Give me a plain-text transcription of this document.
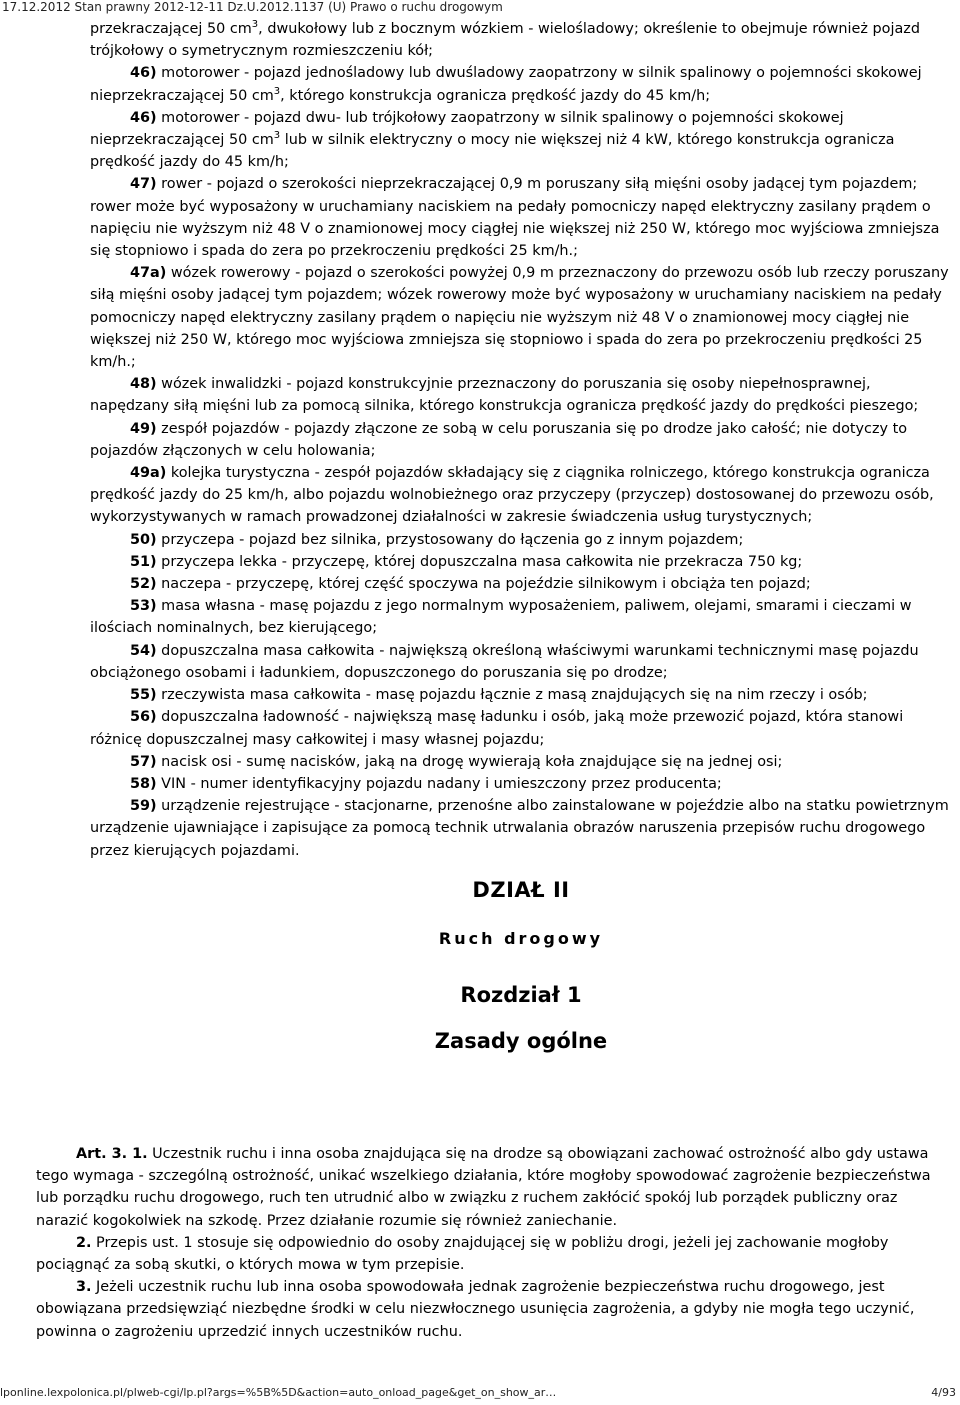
17.12.2012 Stan prawny 2012-12-11 Dz.U.2012.1137 (U) Prawo o ruchu drogowym

przekraczającej 50 $cm^3$, dwukołowy lub z bocznym wózkiem - wielośladowy; określenie to obejmuje również pojazd trójkołowy o symetrycznym rozmieszczeniu kół;

46) motorower - pojazd jednośladowy lub dwuśladowy zaopatrzony w silnik spalinowy o pojemności skokowej nieprzekraczającej 50 $cm^3$, którego konstrukcja ogranicza prędkość jazdy do 45 km/h;

46) motorower - pojazd dwu- lub trójkołowy zaopatrzony w silnik spalinowy o pojemności skokowej nieprzekraczającej 50 $cm^3$ lub w silnik elektryczny o mocy nie większej niż 4 kW, którego konstrukcja ogranicza prędkość jazdy do 45 km/h;

47) rower - pojazd o szerokości nieprzekraczającej 0,9 m poruszany siłą mięśni osoby jadącej tym pojazdem; rower może być wyposażony w uruchamiany naciskiem na pedały pomocniczy napęd elektryczny zasilany prądem o napięciu nie wyższym niż 48 V o znamionowej mocy ciągłej nie większej niż 250 W, którego moc wyjściowa zmniejsza się stopniowo i spada do zera po przekroczeniu prędkości 25 km/h.;

47a) wózek rowerowy - pojazd o szerokości powyżej 0,9 m przeznaczony do przewozu osób lub rzeczy poruszany siłą mięśni osoby jadącej tym pojazdem; wózek rowerowy może być wyposażony w uruchamiany naciskiem na pedały pomocniczy napęd elektryczny zasilany prądem o napięciu nie wyższym niż 48 V o znamionowej mocy ciągłej nie większej niż 250 W, którego moc wyjściowa zmniejsza się stopniowo i spada do zera po przekroczeniu prędkości 25 km/h.;

48) wózek inwalidzki - pojazd konstrukcyjnie przeznaczony do poruszania się osoby niepełnosprawnej, napędzany siłą mięśni lub za pomocą silnika, którego konstrukcja ogranicza prędkość jazdy do prędkości pieszego;

49) zespół pojazdów - pojazdy złączone ze sobą w celu poruszania się po drodze jako całość; nie dotyczy to pojazdów złączonych w celu holowania;

49a) kolejka turystyczna - zespół pojazdów składający się z ciągnika rolniczego, którego konstrukcja ogranicza prędkość jazdy do 25 km/h, albo pojazdu wolnobieżnego oraz przyczepy (przyczep) dostosowanej do przewozu osób, wykorzystywanych w ramach prowadzonej działalności w zakresie świadczenia usług turystycznych;

50) przyczepa - pojazd bez silnika, przystosowany do łączenia go z innym pojazdem;

51) przyczepa lekka - przyczepę, której dopuszczalna masa całkowita nie przekracza 750 kg;

52) naczepa - przyczepę, której część spoczywa na pojeździe silnikowym i obciąża ten pojazd;

53) masa własna - masę pojazdu z jego normalnym wyposażeniem, paliwem, olejami, smarami i cieczami w ilościach nominalnych, bez kierującego;

54) dopuszczalna masa całkowita - największą określoną właściwymi warunkami technicznymi masę pojazdu obciążonego osobami i ładunkiem, dopuszczonego do poruszania się po drodze;

55) rzeczywista masa całkowita - masę pojazdu łącznie z masą znajdujących się na nim rzeczy i osób;

56) dopuszczalna ładowność - największą masę ładunku i osób, jaką może przewozić pojazd, która stanowi różnicę dopuszczalnej masy całkowitej i masy własnej pojazdu;

57) nacisk osi - sumę nacisków, jaką na drogę wywierają koła znajdujące się na jednej osi;

58) VIN - numer identyfikacyjny pojazdu nadany i umieszczony przez producenta;

59) urządzenie rejestrujące - stacjonarne, przenośne albo zainstalowane w pojeździe albo na statku powietrznym urządzenie ujawniające i zapisujące za pomocą technik utrwalania obrazów naruszenia przepisów ruchu drogowego przez kierujących pojazdami.

DZIAŁ II
Ruch drogowy
Rozdział 1
Zasady ogólne

Art. 3. 1. Uczestnik ruchu i inna osoba znajdująca się na drodze są obowiązani zachować ostrożność albo gdy ustawa tego wymaga - szczególną ostrożność, unikać wszelkiego działania, które mogłoby spowodować zagrożenie bezpieczeństwa lub porządku ruchu drogowego, ruch ten utrudnić albo w związku z ruchem zakłócić spokój lub porządek publiczny oraz narazić kogokolwiek na szkodę. Przez działanie rozumie się również zaniechanie.

2. Przepis ust. 1 stosuje się odpowiednio do osoby znajdującej się w pobliżu drogi, jeżeli jej zachowanie mogłoby pociągnąć za sobą skutki, o których mowa w tym przepisie.

3. Jeżeli uczestnik ruchu lub inna osoba spowodowała jednak zagrożenie bezpieczeństwa ruchu drogowego, jest obowiązana przedsięwziąć niezbędne środki w celu niezwłocznego usunięcia zagrożenia, a gdyby nie mogła tego uczynić, powinna o zagrożeniu uprzedzić innych uczestników ruchu.

lponline.lexpolonica.pl/plweb-cgi/lp.pl?args=%5B%5D&action=auto_onload_page&get_on_show_ar…	4/93
